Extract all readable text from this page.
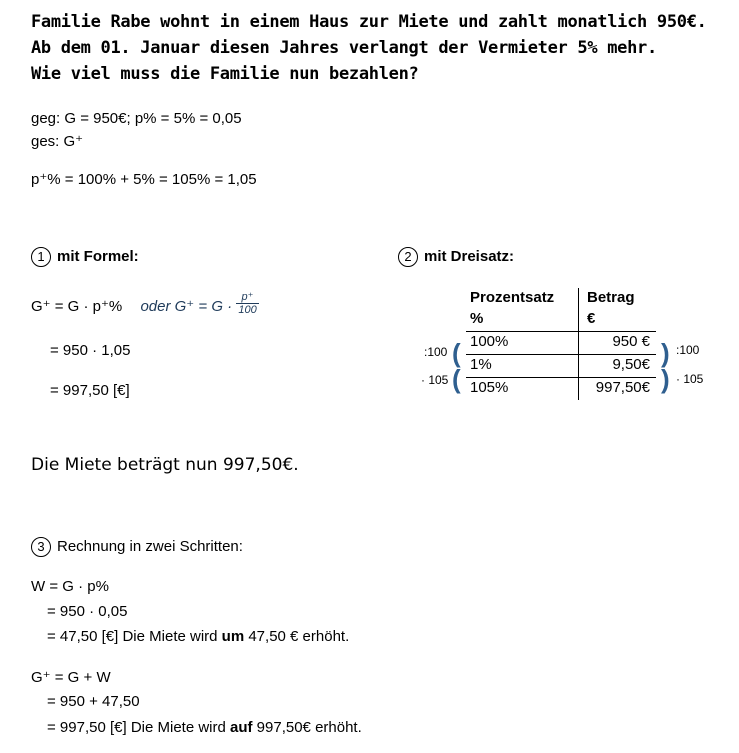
Familie Rabe wohnt in einem Haus zur Miete und zahlt monatlich 950€.
Ab dem 01. Januar diesen Jahres verlangt der Vermieter 5% mehr.
Wie viel muss die Familie nun bezahlen?
geg: G = 950€; p% = 5% = 0,05
ges: G⁺
p⁺% = 100% + 5% = 105% = 1,05
1 mit Formel:
G⁺ = G · p⁺% oder $G^+ = G \cdot \frac{p^+}{100}$
= 950 · 1,05
= 997,50 [€]
2 mit Dreisatz:
Prozentsatz
%
Betrag
€
100%
1%
105%
950 €
9,50€
997,50€
:100
· 105
(
(
)
)
:100
· 105
Die Miete beträgt nun 997,50€.
3 Rechnung in zwei Schritten:
W = G · p%
= 950 · 0,05
= 47,50 [€] Die Miete wird um 47,50 € erhöht.
G⁺ = G + W
= 950 + 47,50
= 997,50 [€] Die Miete wird auf 997,50€ erhöht.
